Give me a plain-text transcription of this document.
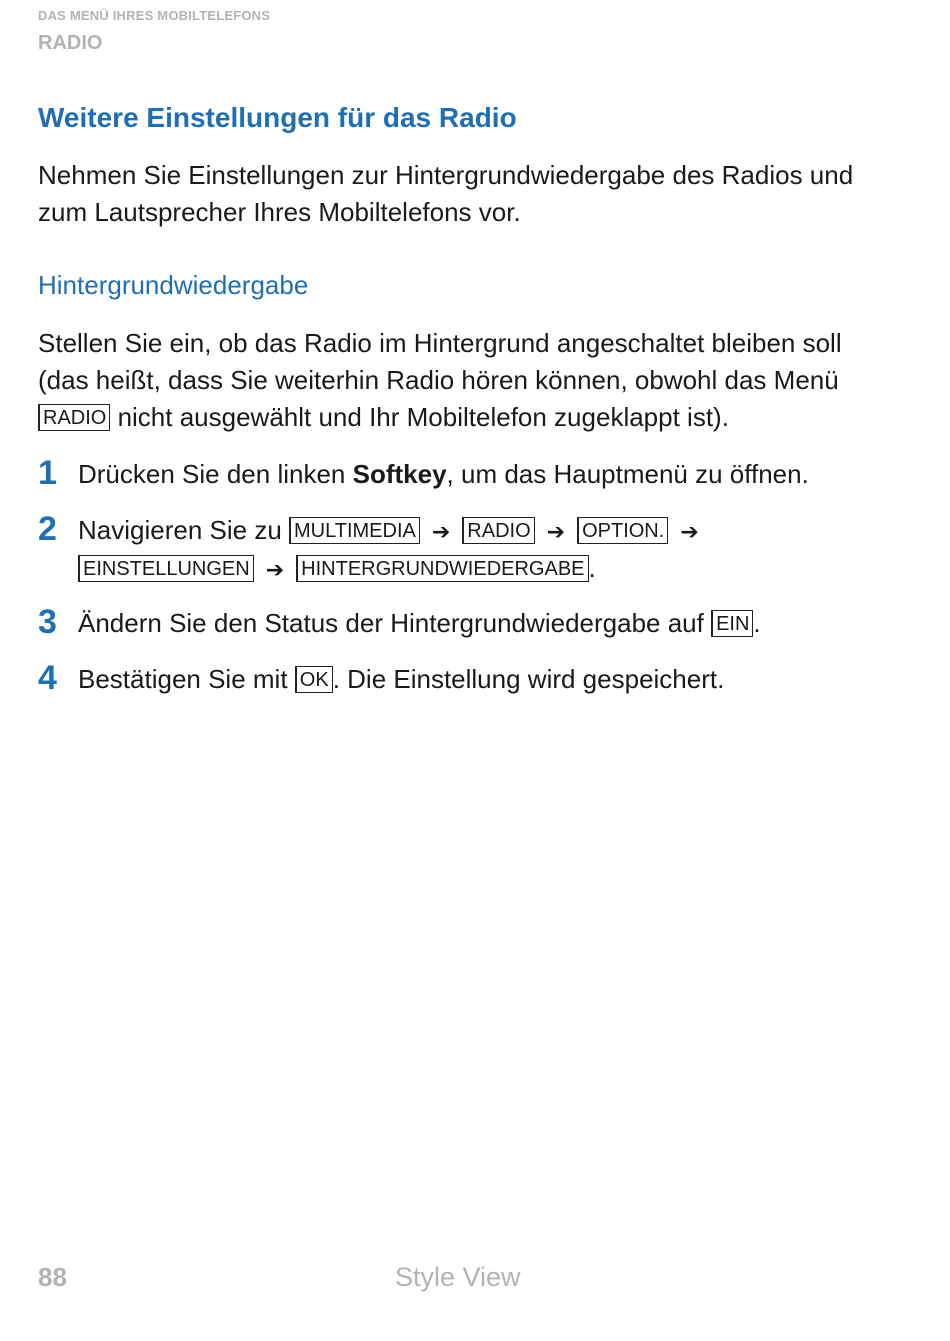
DAS MENÜ IHRES MOBILTELEFONS
RADIO
Weitere Einstellungen für das Radio

Nehmen Sie Einstellungen zur Hintergrundwiedergabe des Radios und zum Lautsprecher Ihres Mobiltelefons vor.

Hintergrundwiedergabe

Stellen Sie ein, ob das Radio im Hintergrund angeschaltet bleiben soll (das heißt, dass Sie weiterhin Radio hören können, obwohl das Menü RADIO nicht ausgewählt und Ihr Mobiltelefon zugeklappt ist).

1 Drücken Sie den linken Softkey, um das Hauptmenü zu öffnen.

2 Navigieren Sie zu MULTIMEDIA ➔ RADIO ➔ OPTION. ➔
EINSTELLUNGEN ➔ HINTERGRUNDWIEDERGABE .

3 Ändern Sie den Status der Hintergrundwiedergabe auf EIN .

4 Bestätigen Sie mit OK . Die Einstellung wird gespeichert.

88	Style View
